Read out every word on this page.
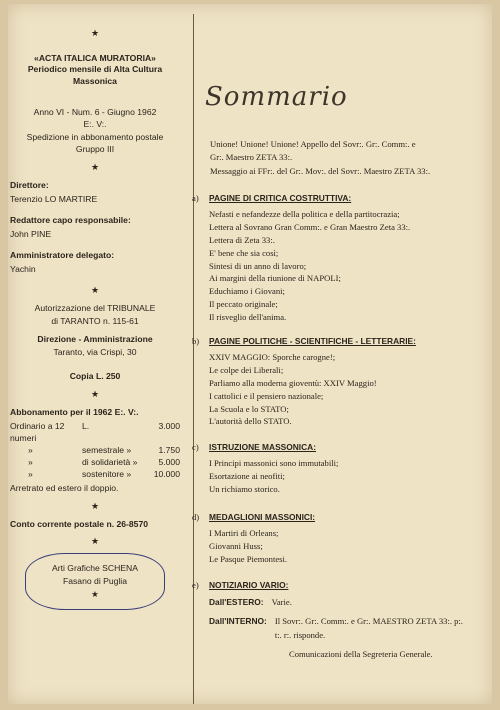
★
«ACTA ITALICA MURATORIA»
Periodico mensile di Alta Cultura
Massonica
Anno VI - Num. 6 - Giugno 1962
E:. V:.
Spedizione in abbonamento postale
Gruppo III
★
Direttore:
Terenzio LO MARTIRE
Redattore capo responsabile:
John PINE
Amministratore delegato:
Yachin
★
Autorizzazione del TRIBUNALE
di TARANTO n. 115-61
Direzione - Amministrazione
Taranto, via Crispi, 30
Copia L. 250
★
Abbonamento per il 1962 E:. V:.
Ordinario a 12 numeri
L.	3.000
»	semestrale »	1.750
»	di solidarietà »	5.000
»	sostenitore »	10.000
Arretrato ed estero il doppio.
★
Conto corrente postale n. 26-8570
★
Arti Grafiche SCHENA
Fasano di Puglia
★
Sommario
Unione! Unione! Unione! Appello del Sovr:. Gr:. Comm:. e
Gr:. Maestro ZETA 33:.
Messaggio ai FFr:. del Gr:. Mov:. del Sovr:. Maestro ZETA 33:.
a)	PAGINE DI CRITICA COSTRUTTIVA:
Nefasti e nefandezze della politica e della partitocrazia;
Lettera al Sovrano Gran Comm:. e Gran Maestro Zeta 33:.
Lettera di Zeta 33:.
E' bene che sia così;
Sintesi di un anno di lavoro;
Ai margini della riunione di NAPOLI;
Educhiamo i Giovani;
Il peccato originale;
Il risveglio dell'anima.
b)	PAGINE POLITICHE - SCIENTIFICHE - LETTERARIE:
XXIV MAGGIO: Sporche carogne!;
Le colpe dei Liberali;
Parliamo alla moderna gioventù: XXIV Maggio!
I cattolici e il pensiero nazionale;
La Scuola e lo STATO;
L'autorità dello STATO.
c)	ISTRUZIONE MASSONICA:
I Principi massonici sono immutabili;
Esortazione ai neofiti;
Un richiamo storico.
d)	MEDAGLIONI MASSONICI:
I Martiri di Orleans;
Giovanni Huss;
Le Pasque Piemontesi.
e)	NOTIZIARIO VARIO:
Dall'ESTERO: Varie.
Dall'INTERNO: Il Sovr:. Gr:. Comm:. e Gr:. MAESTRO ZETA 33:. p:. t:. r:. risponde.
Comunicazioni della Segreteria Generale.
